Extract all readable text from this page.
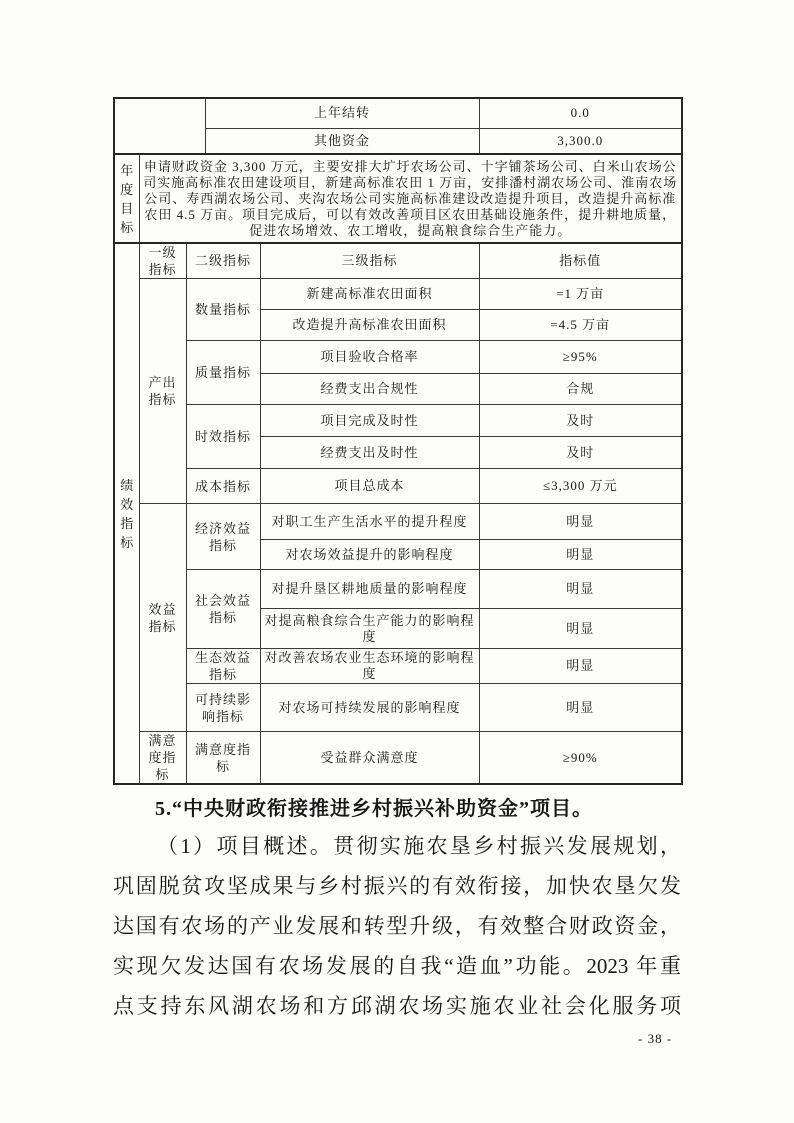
			上年结转		0.0
			其他资金		3,300.0

年度目标	申请财政资金 3,300 万元，主要安排大圹圩农场公司、十字铺茶场公司、白米山农场公司实施高标准农田建设项目，新建高标准农田 1 万亩，安排潘村湖农场公司、淮南农场公司、寿西湖农场公司、夹沟农场公司实施高标准建设改造提升项目，改造提升高标准农田 4.5 万亩。项目完成后，可以有效改善项目区农田基础设施条件，提升耕地质量，促进农场增效、农工增收，提高粮食综合生产能力。				

绩效指标	一级指标	二级指标		三级指标	指标值

	产出指标	数量指标		新建高标准农田面积	=1 万亩
				改造提升高标准农田面积	=4.5 万亩

		质量指标		项目验收合格率	≥95%
				经费支出合规性	合规

		时效指标		项目完成及时性	及时
				经费支出及时性	及时

		成本指标		项目总成本	≤3,300 万元

	效益指标	经济效益指标		对职工生产生活水平的提升程度	明显
				对农场效益提升的影响程度	明显

		社会效益指标		对提升垦区耕地质量的影响程度	明显
				对提高粮食综合生产能力的影响程度	明显

		生态效益指标		对改善农场农业生态环境的影响程度	明显

		可持续影响指标		对农场可持续发展的影响程度	明显

	满意度指标	满意度指标		受益群众满意度	≥90%
5.“中央财政衔接推进乡村振兴补助资金”项目。
（1）项目概述。贯彻实施农垦乡村振兴发展规划，
巩固脱贫攻坚成果与乡村振兴的有效衔接，加快农垦欠发
达国有农场的产业发展和转型升级，有效整合财政资金，
实现欠发达国有农场发展的自我“造血”功能。2023 年重
点支持东风湖农场和方邱湖农场实施农业社会化服务项
- 38 -
